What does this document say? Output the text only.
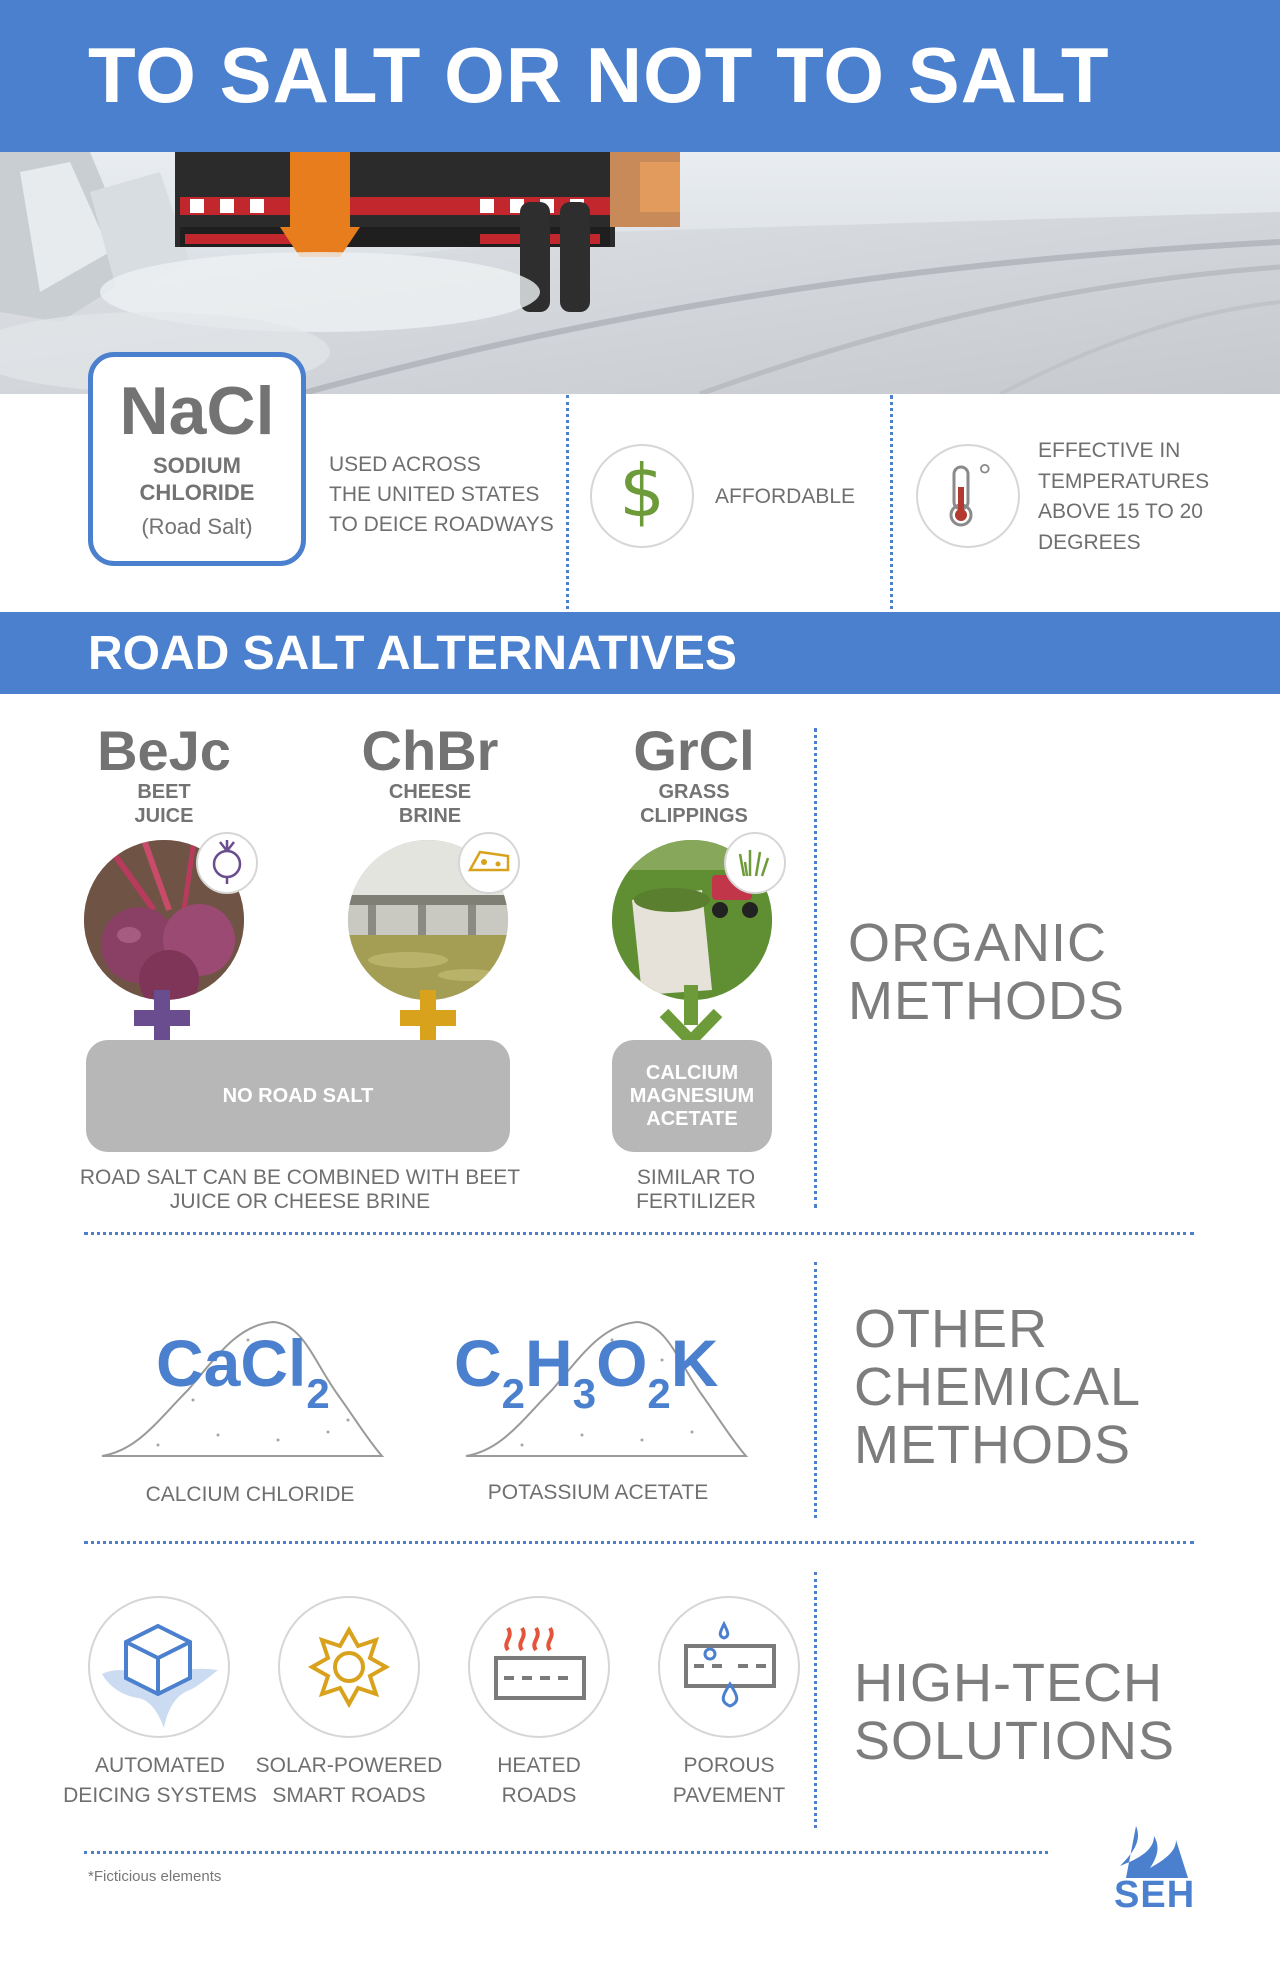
TO SALT OR NOT TO SALT
NaCl
SODIUM
CHLORIDE
(Road Salt)
USED ACROSS
THE UNITED STATES
TO DEICE ROADWAYS $	AFFORDABLE
°
EFFECTIVE IN
TEMPERATURES
ABOVE 15 TO 20
DEGREES
ROAD SALT ALTERNATIVES
BeJc
BEET
JUICE
ChBr
CHEESE
BRINE
NO ROAD SALT
ROAD SALT CAN BE COMBINED WITH BEET
JUICE OR CHEESE BRINE
GrCl
GRASS
CLIPPINGS
CALCIUM
MAGNESIUM
ACETATE
SIMILAR TO
FERTILIZER
ORGANIC
METHODS
CaCl$_2$
CALCIUM CHLORIDE
$C_2H_3O_2K$
POTASSIUM ACETATE
OTHER
CHEMICAL
METHODS
AUTOMATED
DEICING SYSTEMS
SOLAR-POWERED
SMART ROADS
HEATED
ROADS
POROUS
PAVEMENT
HIGH-TECH
SOLUTIONS
*Ficticious elements	SEH
